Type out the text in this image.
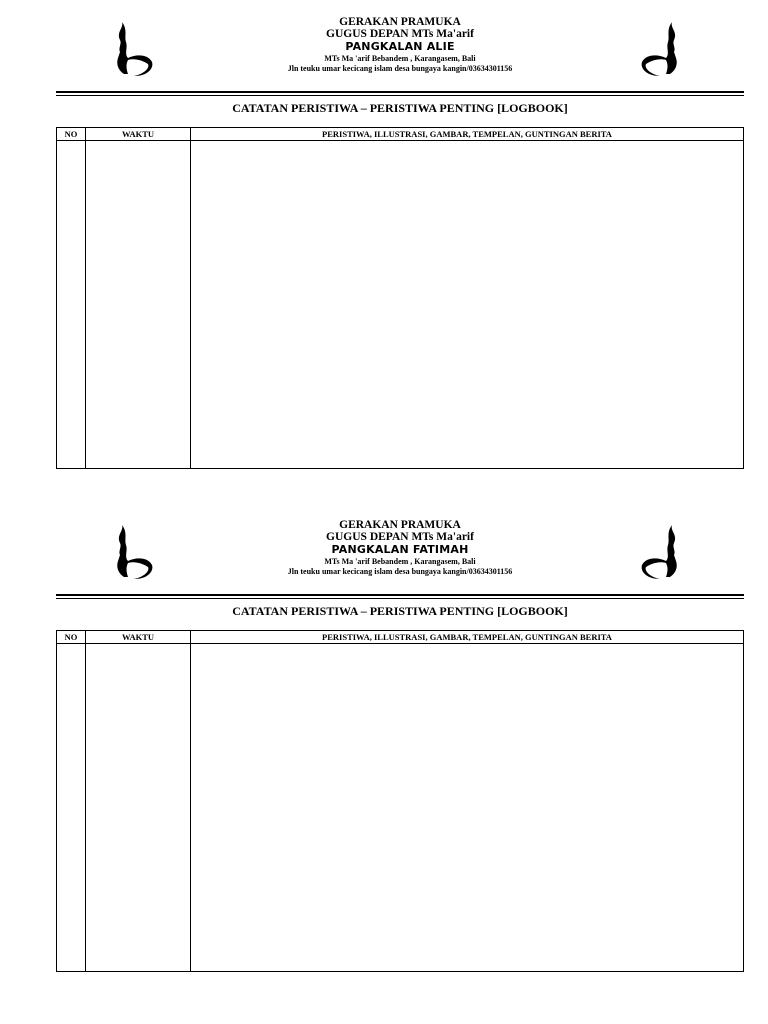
GERAKAN PRAMUKA
GUGUS DEPAN MTs Ma'arif
PANGKALAN ALIE
MTs Ma 'arif Bebandem , Karangasem, Bali
Jln teuku umar kecicang islam desa bungaya kangin/03634301156
CATATAN PERISTIWA – PERISTIWA PENTING [LOGBOOK]
NO	WAKTU	PERISTIWA, ILLUSTRASI, GAMBAR, TEMPELAN, GUNTINGAN BERITA
GERAKAN PRAMUKA
GUGUS DEPAN MTs Ma'arif
PANGKALAN FATIMAH
MTs Ma 'arif Bebandem , Karangasem, Bali
Jln teuku umar kecicang islam desa bungaya kangin/03634301156
CATATAN PERISTIWA – PERISTIWA PENTING [LOGBOOK]
NO	WAKTU	PERISTIWA, ILLUSTRASI, GAMBAR, TEMPELAN, GUNTINGAN BERITA
